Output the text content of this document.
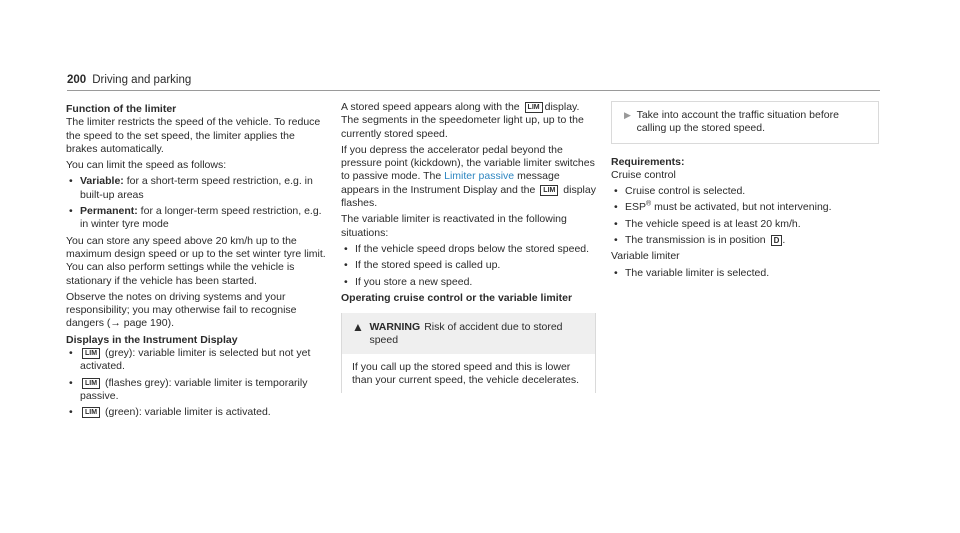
200 Driving and parking
Function of the limiter

The limiter restricts the speed of the vehicle. To reduce the speed to the set speed, the limiter applies the brakes automatically.

You can limit the speed as follows:

• Variable: for a short-term speed restriction, e.g. in built-up areas
• Permanent: for a longer-term speed restriction, e.g. in winter tyre mode

You can store any speed above 20 km/h up to the maximum design speed or up to the set winter tyre limit. You can also perform settings while the vehicle is stationary if the vehicle has been started.

Observe the notes on driving systems and your responsibility; you may otherwise fail to recognise dangers (→ page 190).

Displays in the Instrument Display
• LIM (grey): variable limiter is selected but not yet activated.
• LIM (flashes grey): variable limiter is temporarily passive.
• LIM (green): variable limiter is activated.

A stored speed appears along with the LIM display. The segments in the speedometer light up, up to the currently stored speed.

If you depress the accelerator pedal beyond the pressure point (kickdown), the variable limiter switches to passive mode. The Limiter passive message appears in the Instrument Display and the LIM display flashes.

The variable limiter is reactivated in the following situations:

• If the vehicle speed drops below the stored speed.
• If the stored speed is called up.
• If you store a new speed.
Operating cruise control or the variable limiter
▲ WARNING Risk of accident due to stored speed
If you call up the stored speed and this is lower than your current speed, the vehicle decelerates.
▶ Take into account the traffic situation before calling up the stored speed.
Requirements:

Cruise control

• Cruise control is selected.
• ESP® must be activated, but not intervening.
• The vehicle speed is at least 20 km/h.
• The transmission is in position D .

Variable limiter

• The variable limiter is selected.
